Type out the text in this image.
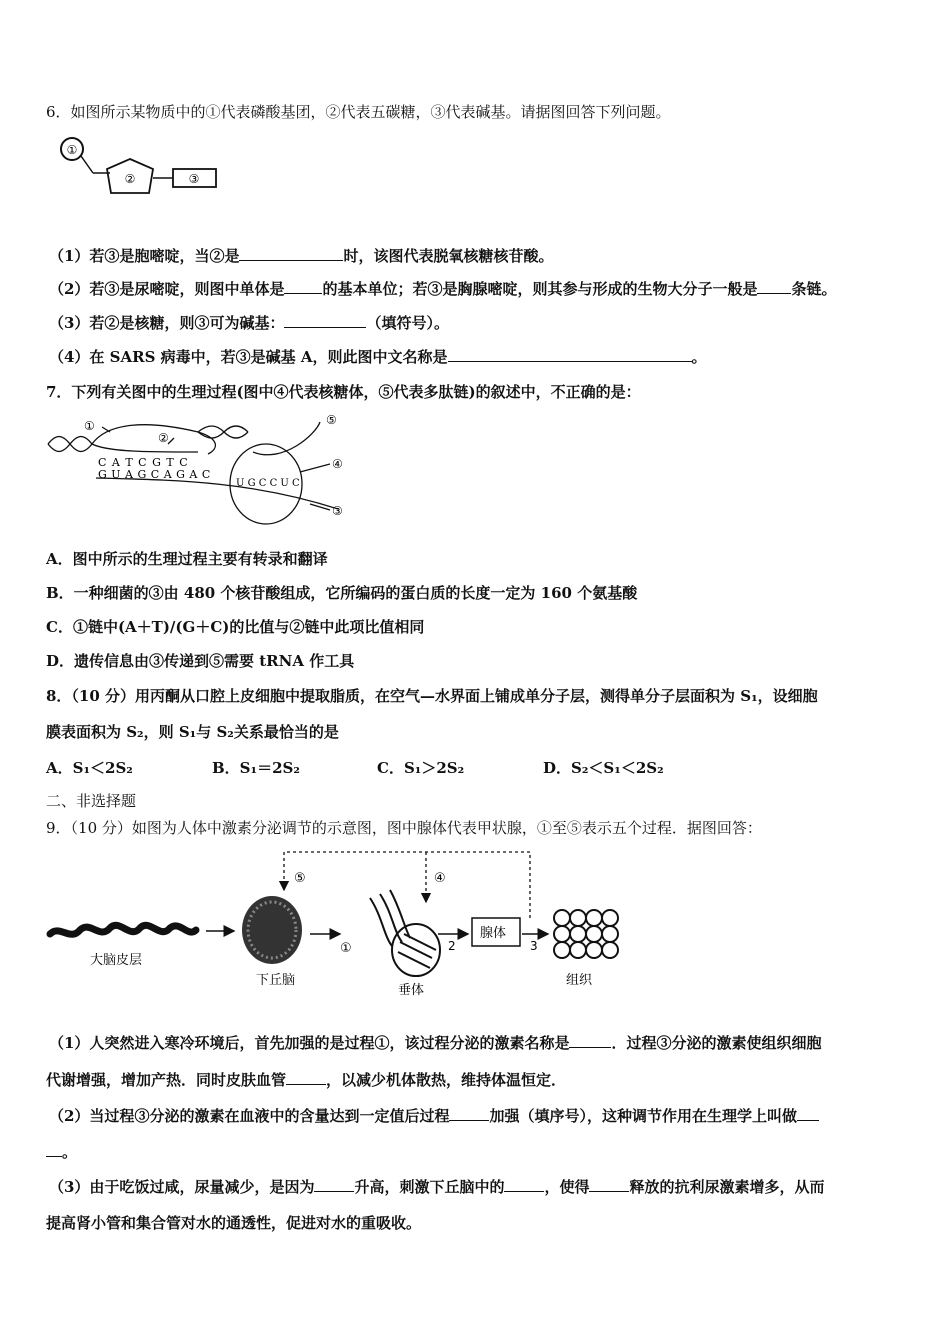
6．如图所示某物质中的①代表磷酸基团，②代表五碳糖，③代表碱基。请据图回答下列问题。
①
②	③
（1）若③是胞嘧啶，当②是	时，该图代表脱氧核糖核苷酸。
（2）若③是尿嘧啶，则图中单体是	的基本单位；若③是胸腺嘧啶，则其参与形成的生物大分子一般是 条链。
（3）若②是核糖，则③可为碱基：	（填符号）。
（4）在 SARS 病毒中，若③是碱基 A，则此图中文名称是	。
7．下列有关图中的生理过程(图中④代表核糖体，⑤代表多肽链)的叙述中，不正确的是：
①
②
⑤
④
③
C A T C G T C
G U A G C A G A C
U G C C U C
A．图中所示的生理过程主要有转录和翻译
B．一种细菌的③由 480 个核苷酸组成，它所编码的蛋白质的长度一定为 160 个氨基酸
C．①链中(A＋T)/(G＋C)的比值与②链中此项比值相同
D．遗传信息由③传递到⑤需要 tRNA 作工具
8．（10 分）用丙酮从口腔上皮细胞中提取脂质，在空气—水界面上铺成单分子层，测得单分子层面积为 S₁，设细胞
膜表面积为 S₂，则 S₁与 S₂关系最恰当的是
A．S₁＜2S₂	B．S₁＝2S₂	C．S₁＞2S₂	D．S₂＜S₁＜2S₂
二、非选择题
9．（10 分）如图为人体中激素分泌调节的示意图，图中腺体代表甲状腺，①至⑤表示五个过程．据图回答：
大脑皮层
下丘脑
①
垂体
2
腺体
3
组织
⑤	④
（1）人突然进入寒冷环境后，首先加强的是过程①，该过程分泌的激素名称是	．过程③分泌的激素使组织细胞
代谢增强，增加产热．同时皮肤血管	，以减少机体散热，维持体温恒定．
（2）当过程③分泌的激素在血液中的含量达到一定值后过程	加强（填序号），这种调节作用在生理学上叫做
。
（3）由于吃饭过咸，尿量减少，是因为	升高，刺激下丘脑中的	，使得	释放的抗利尿激素增多，从而
提高肾小管和集合管对水的通透性，促进对水的重吸收。
